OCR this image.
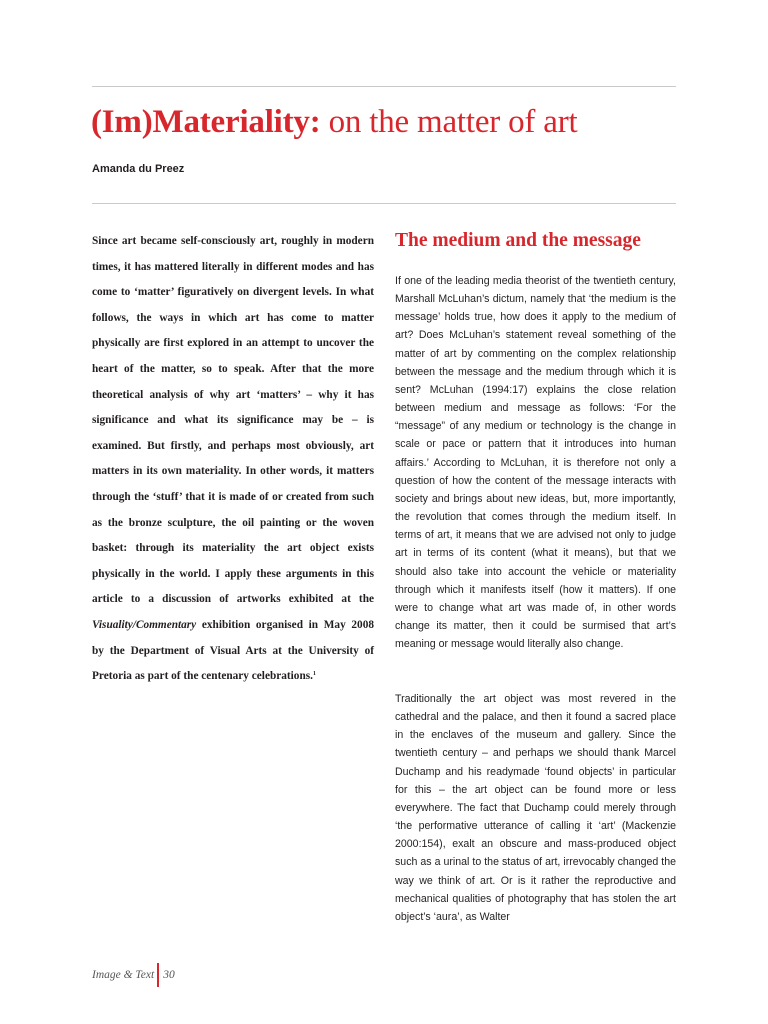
(Im)Materiality: on the matter of art
Amanda du Preez

Since art became self-consciously art, roughly in modern times, it has mattered literally in different modes and has come to ‘matter’ figuratively on divergent levels. In what follows, the ways in which art has come to matter physically are first explored in an attempt to uncover the heart of the matter, so to speak. After that the more theoretical analysis of why art ‘matters’ – why it has significance and what its significance may be – is examined. But firstly, and perhaps most obviously, art matters in its own materiality. In other words, it matters through the ‘stuff’ that it is made of or created from such as the bronze sculpture, the oil painting or the woven basket: through its materiality the art object exists physically in the world. I apply these arguments in this article to a discussion of artworks exhibited at the Visuality/Commentary exhibition organised in May 2008 by the Department of Visual Arts at the University of Pretoria as part of the centenary celebrations.$^1$

The medium and the message

If one of the leading media theorist of the twentieth century, Marshall McLuhan’s dictum, namely that ‘the medium is the message’ holds true, how does it apply to the medium of art? Does McLuhan’s statement reveal something of the matter of art by commenting on the complex relationship between the message and the medium through which it is sent? McLuhan (1994:17) explains the close relation between medium and message as follows: ‘For the “message” of any medium or technology is the change in scale or pace or pattern that it introduces into human affairs.’ According to McLuhan, it is therefore not only a question of how the content of the message interacts with society and brings about new ideas, but, more importantly, the revolution that comes through the medium itself. In terms of art, it means that we are advised not only to judge art in terms of its content (what it means), but that we should also take into account the vehicle or materiality through which it manifests itself (how it matters). If one were to change what art was made of, in other words change its matter, then it could be surmised that art’s meaning or message would literally also change.

Traditionally the art object was most revered in the cathedral and the palace, and then it found a sacred place in the enclaves of the museum and gallery. Since the twentieth century – and perhaps we should thank Marcel Duchamp and his readymade ‘found objects’ in particular for this – the art object can be found more or less everywhere. The fact that Duchamp could merely through ‘the performative utterance of calling it ‘art’ (Mackenzie 2000:154), exalt an obscure and mass-produced object such as a urinal to the status of art, irrevocably changed the way we think of art. Or is it rather the reproductive and mechanical qualities of photography that has stolen the art object’s ‘aura’, as Walter

Image & Text 30
